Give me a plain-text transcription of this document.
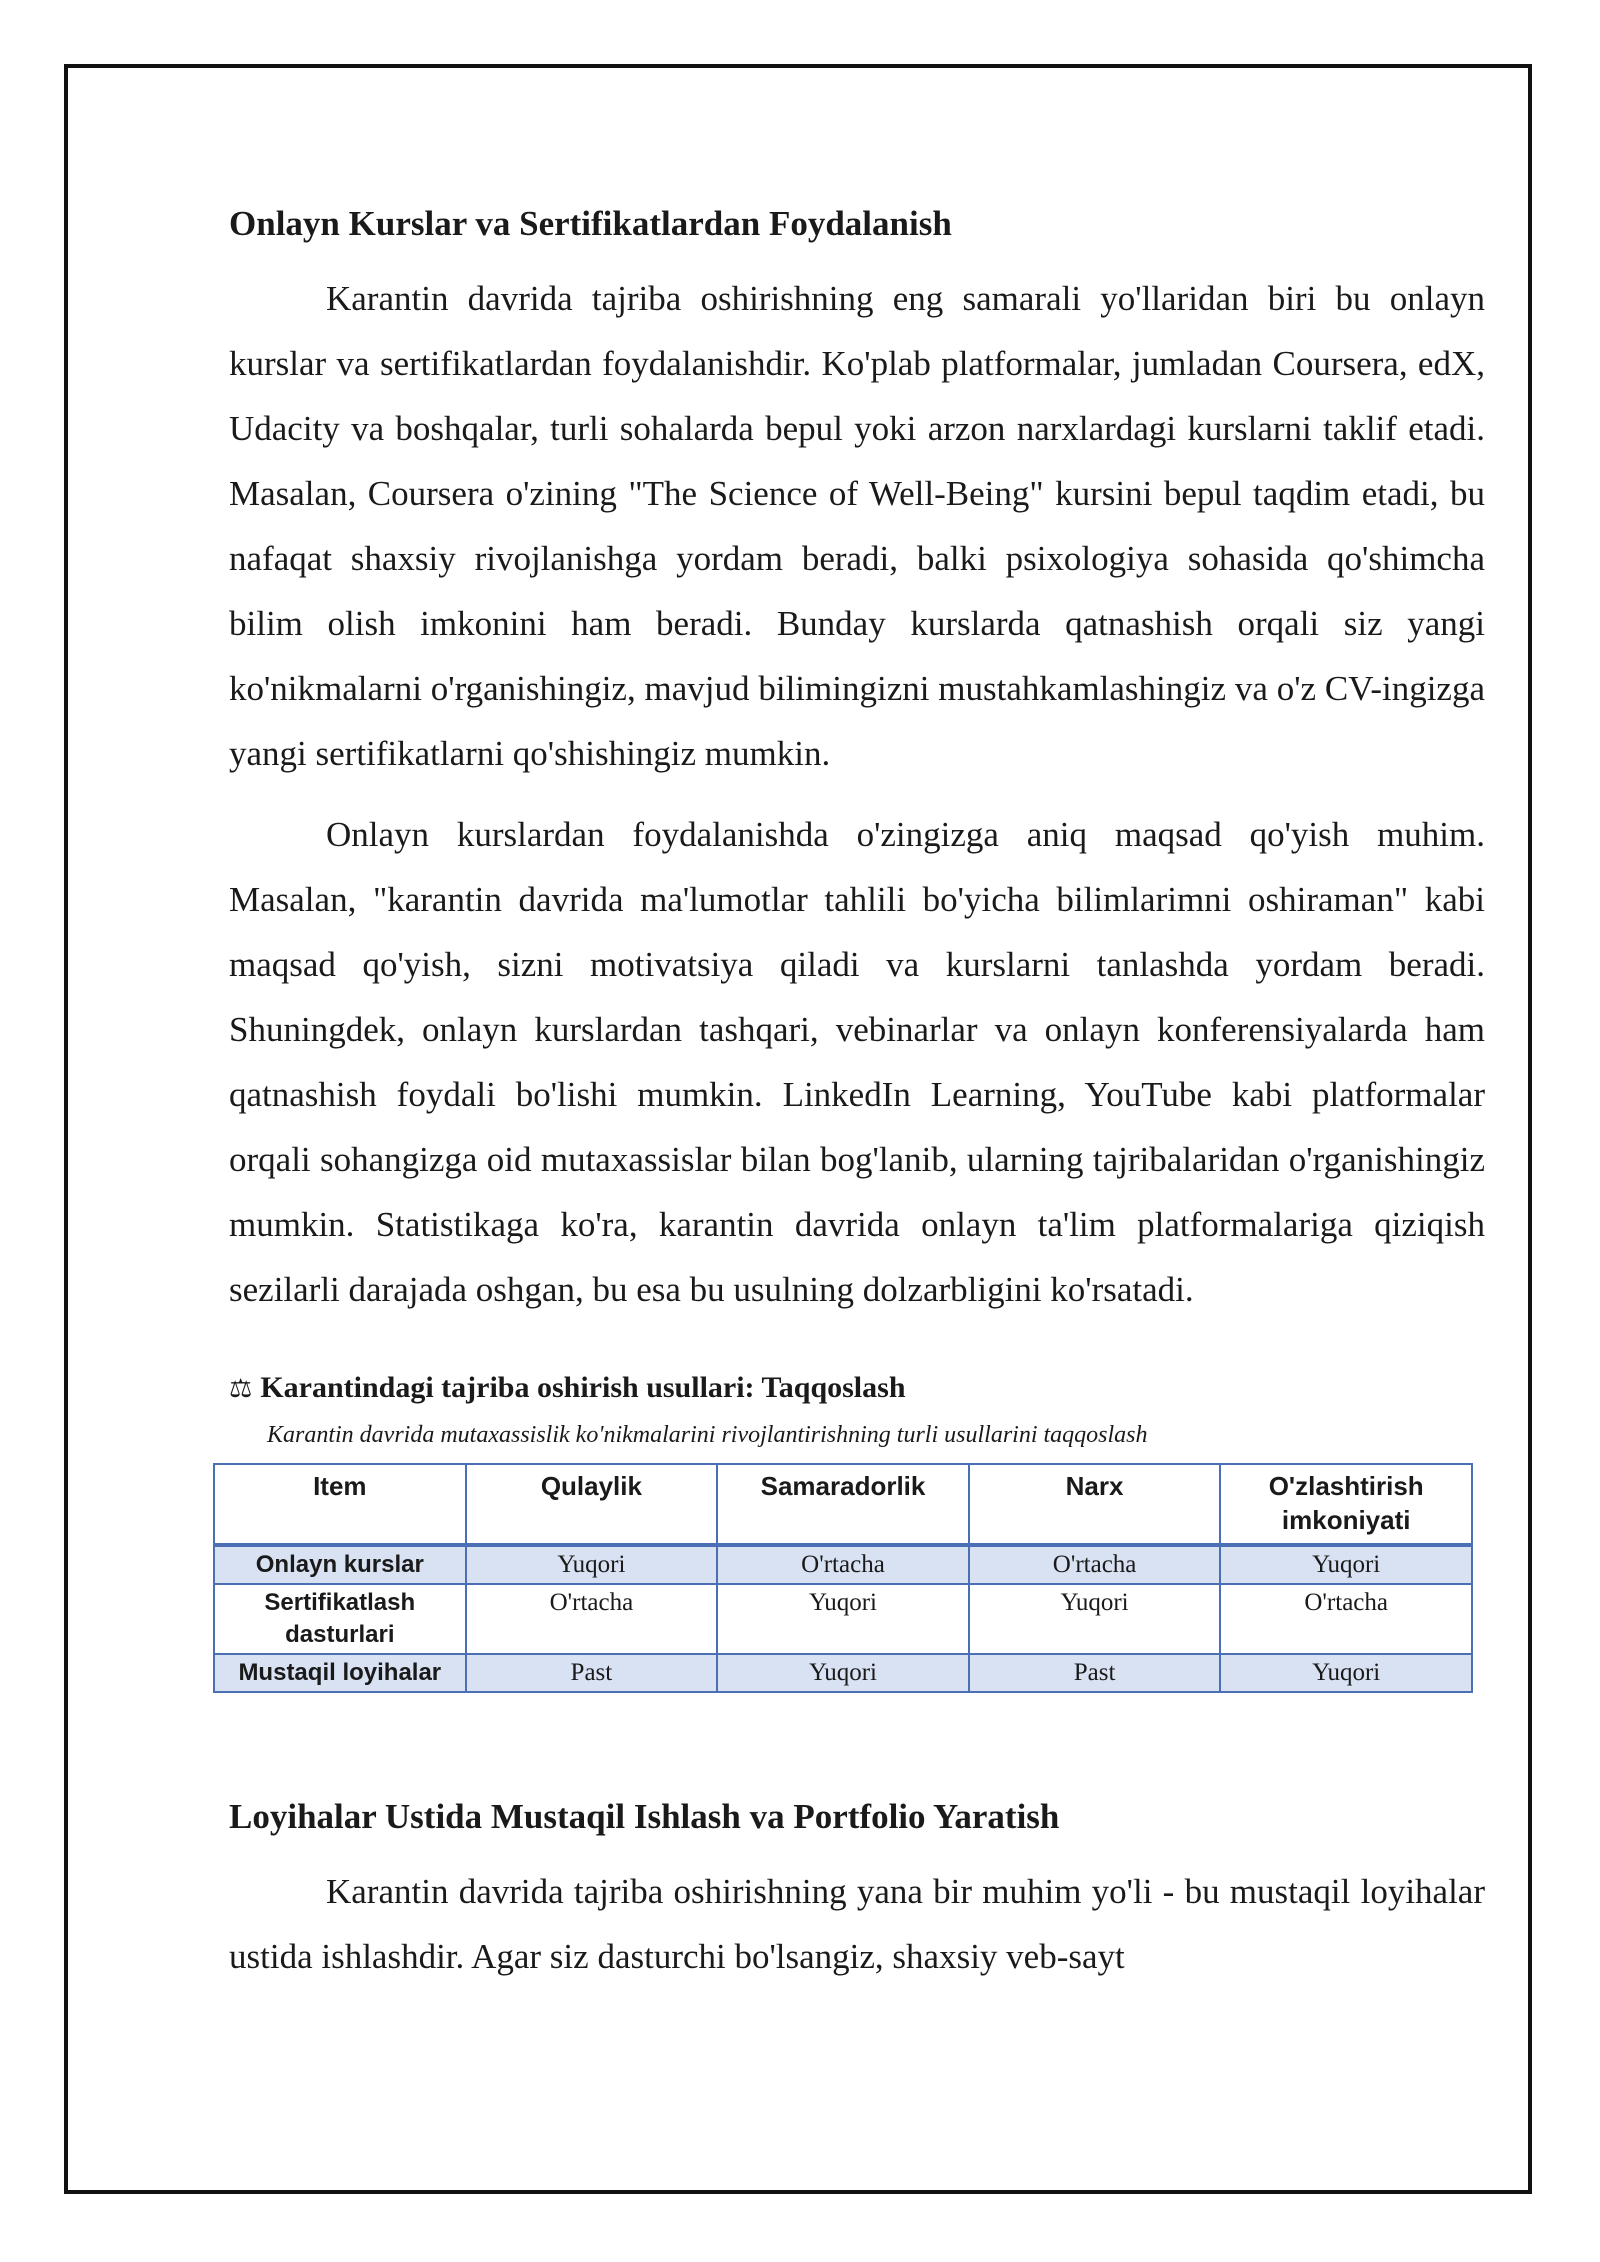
Onlayn Kurslar va Sertifikatlardan Foydalanish

Karantin davrida tajriba oshirishning eng samarali yo'llaridan biri bu onlayn kurslar va sertifikatlardan foydalanishdir. Ko'plab platformalar, jumladan Coursera, edX, Udacity va boshqalar, turli sohalarda bepul yoki arzon narxlardagi kurslarni taklif etadi. Masalan, Coursera o'zining "The Science of Well-Being" kursini bepul taqdim etadi, bu nafaqat shaxsiy rivojlanishga yordam beradi, balki psixologiya sohasida qo'shimcha bilim olish imkonini ham beradi. Bunday kurslarda qatnashish orqali siz yangi ko'nikmalarni o'rganishingiz, mavjud bilimingizni mustahkamlashingiz va o'z CV-ingizga yangi sertifikatlarni qo'shishingiz mumkin.

Onlayn kurslardan foydalanishda o'zingizga aniq maqsad qo'yish muhim. Masalan, "karantin davrida ma'lumotlar tahlili bo'yicha bilimlarimni oshiraman" kabi maqsad qo'yish, sizni motivatsiya qiladi va kurslarni tanlashda yordam beradi. Shuningdek, onlayn kurslardan tashqari, vebinarlar va onlayn konferensiyalarda ham qatnashish foydali bo'lishi mumkin. LinkedIn Learning, YouTube kabi platformalar orqali sohangizga oid mutaxassislar bilan bog'lanib, ularning tajribalaridan o'rganishingiz mumkin. Statistikaga ko'ra, karantin davrida onlayn ta'lim platformalariga qiziqish sezilarli darajada oshgan, bu esa bu usulning dolzarbligini ko'rsatadi.

⚖ Karantindagi tajriba oshirish usullari: Taqqoslash
Karantin davrida mutaxassislik ko'nikmalarini rivojlantirishning turli usullarini taqqoslash
Item	Qulaylik	Samaradorlik	Narx	O'zlashtirish imkoniyati
Onlayn kurslar	Yuqori	O'rtacha	O'rtacha	Yuqori
Sertifikatlash dasturlari	O'rtacha	Yuqori	Yuqori	O'rtacha
Mustaqil loyihalar	Past	Yuqori	Past	Yuqori
Loyihalar Ustida Mustaqil Ishlash va Portfolio Yaratish

Karantin davrida tajriba oshirishning yana bir muhim yo'li - bu mustaqil loyihalar ustida ishlashdir. Agar siz dasturchi bo'lsangiz, shaxsiy veb-sayt
